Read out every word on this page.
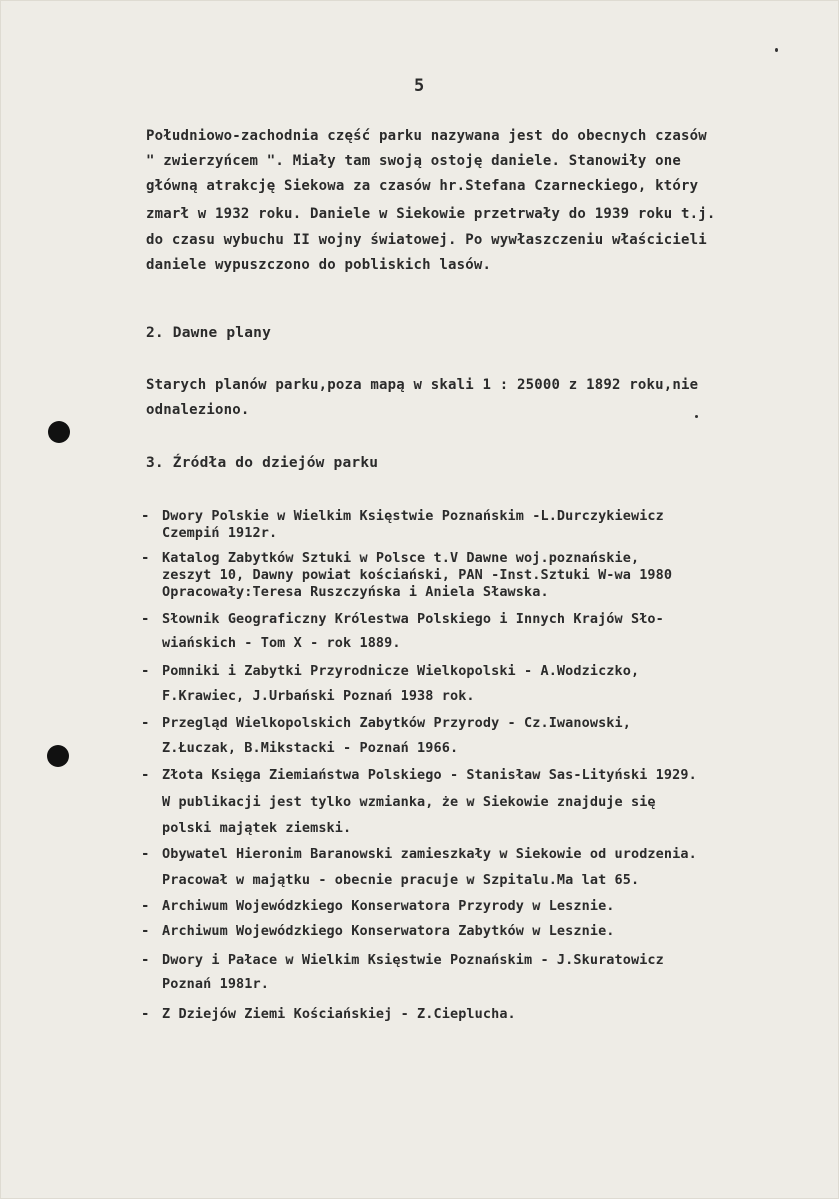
5
Południowo-zachodnia część parku nazywana jest do obecnych czasów
" zwierzyńcem ". Miały tam swoją ostoję daniele. Stanowiły one
główną atrakcję Siekowa za czasów hr.Stefana Czarneckiego, który
zmarł w 1932 roku. Daniele w Siekowie przetrwały do 1939 roku t.j.
do czasu wybuchu II wojny światowej. Po wywłaszczeniu właścicieli
daniele wypuszczono do pobliskich lasów.
2. Dawne plany
Starych planów parku,poza mapą w skali 1 : 25000 z 1892 roku,nie
odnaleziono.
3. Źródła do dziejów parku
- Dwory Polskie w Wielkim Księstwie Poznańskim -L.Durczykiewicz
Czempiń 1912r.
- Katalog Zabytków Sztuki w Polsce t.V Dawne woj.poznańskie,
zeszyt 10, Dawny powiat kościański, PAN -Inst.Sztuki W-wa 1980
Opracowały:Teresa Ruszczyńska i Aniela Sławska.
- Słownik Geograficzny Królestwa Polskiego i Innych Krajów Sło-
wiańskich - Tom X - rok 1889.
- Pomniki i Zabytki Przyrodnicze Wielkopolski - A.Wodziczko,
F.Krawiec, J.Urbański Poznań 1938 rok.
- Przegląd Wielkopolskich Zabytków Przyrody - Cz.Iwanowski,
Z.Łuczak, B.Mikstacki - Poznań 1966.
- Złota Księga Ziemiaństwa Polskiego - Stanisław Sas-Lityński 1929.
W publikacji jest tylko wzmianka, że w Siekowie znajduje się
polski majątek ziemski.
- Obywatel Hieronim Baranowski zamieszkały w Siekowie od urodzenia.
Pracował w majątku - obecnie pracuje w Szpitalu.Ma lat 65.
- Archiwum Wojewódzkiego Konserwatora Przyrody w Lesznie.
- Archiwum Wojewódzkiego Konserwatora Zabytków w Lesznie.
- Dwory i Pałace w Wielkim Księstwie Poznańskim - J.Skuratowicz
Poznań 1981r.
- Z Dziejów Ziemi Kościańskiej - Z.Cieplucha.
